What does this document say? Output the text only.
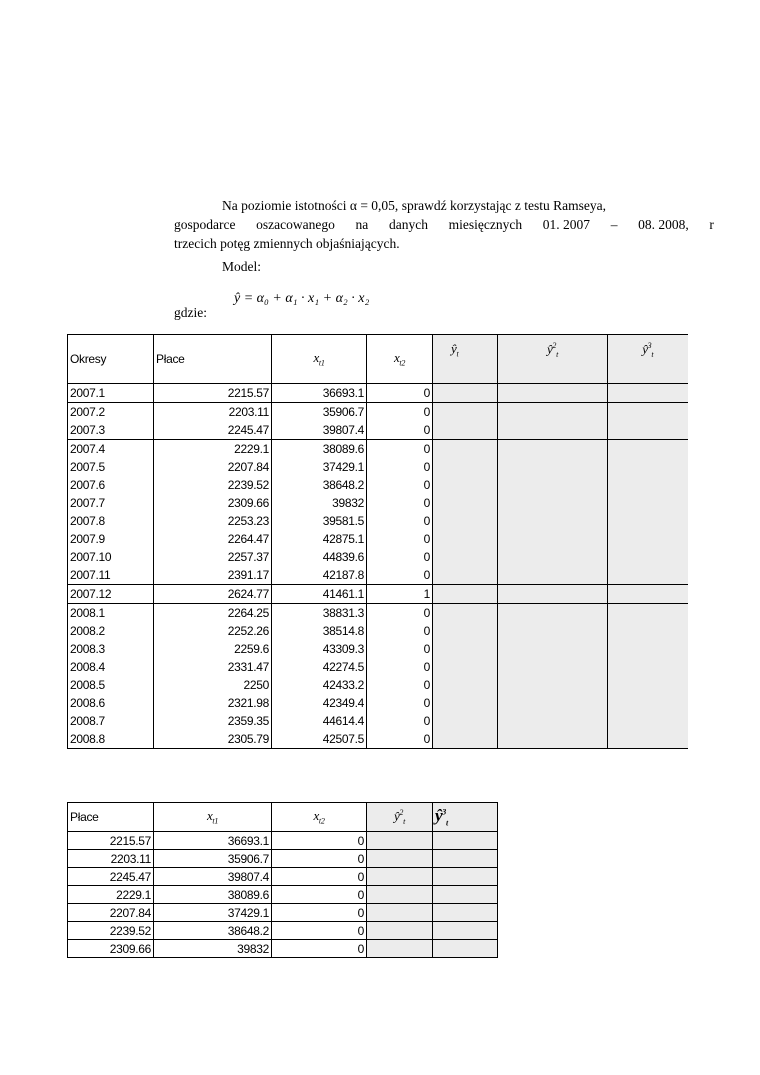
Na poziomie istotności α = 0,05, sprawdź korzystając z testu Ramseya,
gospodarce oszacowanego na danych miesięcznych 01. 2007 – 08. 2008, r
trzecich potęg zmiennych objaśniających.
Model:
ŷ = α₀ + α₁ · x₁ + α₂ · x₂
gdzie:
Okresy	Płace	$x_{t1}$	$x_{t2}$	$ŷ_t$	$ŷ^2_t$	$ŷ^3_t$
2007.1	2215.57	36693.1	0			
2007.2	2203.11	35906.7	0			
2007.3	2245.47	39807.4	0			
2007.4	2229.1	38089.6	0			
2007.5	2207.84	37429.1	0			
2007.6	2239.52	38648.2	0			
2007.7	2309.66	39832	0			
2007.8	2253.23	39581.5	0			
2007.9	2264.47	42875.1	0			
2007.10	2257.37	44839.6	0			
2007.11	2391.17	42187.8	0			
2007.12	2624.77	41461.1	1			
2008.1	2264.25	38831.3	0			
2008.2	2252.26	38514.8	0			
2008.3	2259.6	43309.3	0			
2008.4	2331.47	42274.5	0			
2008.5	2250	42433.2	0			
2008.6	2321.98	42349.4	0			
2008.7	2359.35	44614.4	0			
2008.8	2305.79	42507.5	0			
Płace	$x_{t1}$	$x_{t2}$	$ŷ^2_t$	$ŷ^3_t$
2215.57	36693.1	0		
2203.11	35906.7	0		
2245.47	39807.4	0		
2229.1	38089.6	0		
2207.84	37429.1	0		
2239.52	38648.2	0		
2309.66	39832	0		
